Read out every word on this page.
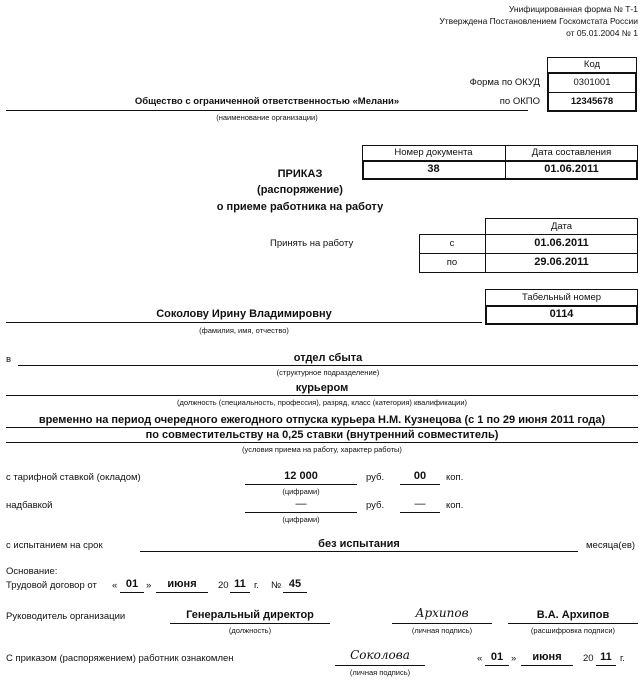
Унифицированная форма № Т-1
Утверждена Постановлением Госкомстата России
от 05.01.2004 № 1
Код
Форма по ОКУД	0301001
по ОКПО	12345678
Общество с ограниченной ответственностью «Мелани»
(наименование организации)
Номер документа	Дата составления
38	01.06.2011
ПРИКАЗ
(распоряжение)
о приеме работника на работу
Дата
Принять на работу	с	01.06.2011
по	29.06.2011
Табельный номер
0114
Соколову Ирину Владимировну
(фамилия, имя, отчество)
в	отдел сбыта
(структурное подразделение)
курьером
(должность (специальность, профессия), разряд, класс (категория) квалификации)
временно на период очередного ежегодного отпуска курьера Н.М. Кузнецова (с 1 по 29 июня 2011 года)
по совместительству на 0,25 ставки (внутренний совместитель)
(условия приема на работу, характер работы)
с тарифной ставкой (окладом)	12 000
(цифрами)
руб.	00	коп.
надбавкой	—
(цифрами)
руб.	—	коп.
с испытанием на срок	без испытания	месяца(ев)
Основание:
Трудовой договор от « 01 »	июня	20 11 г. № 45
Руководитель организации	Генеральный директор
(должность)
Архипов
(личная подпись)
В.А. Архипов
(расшифровка подписи)
С приказом (распоряжением) работник ознакомлен	Соколова
(личная подпись)
« 01 »	июня	20 11 г.
